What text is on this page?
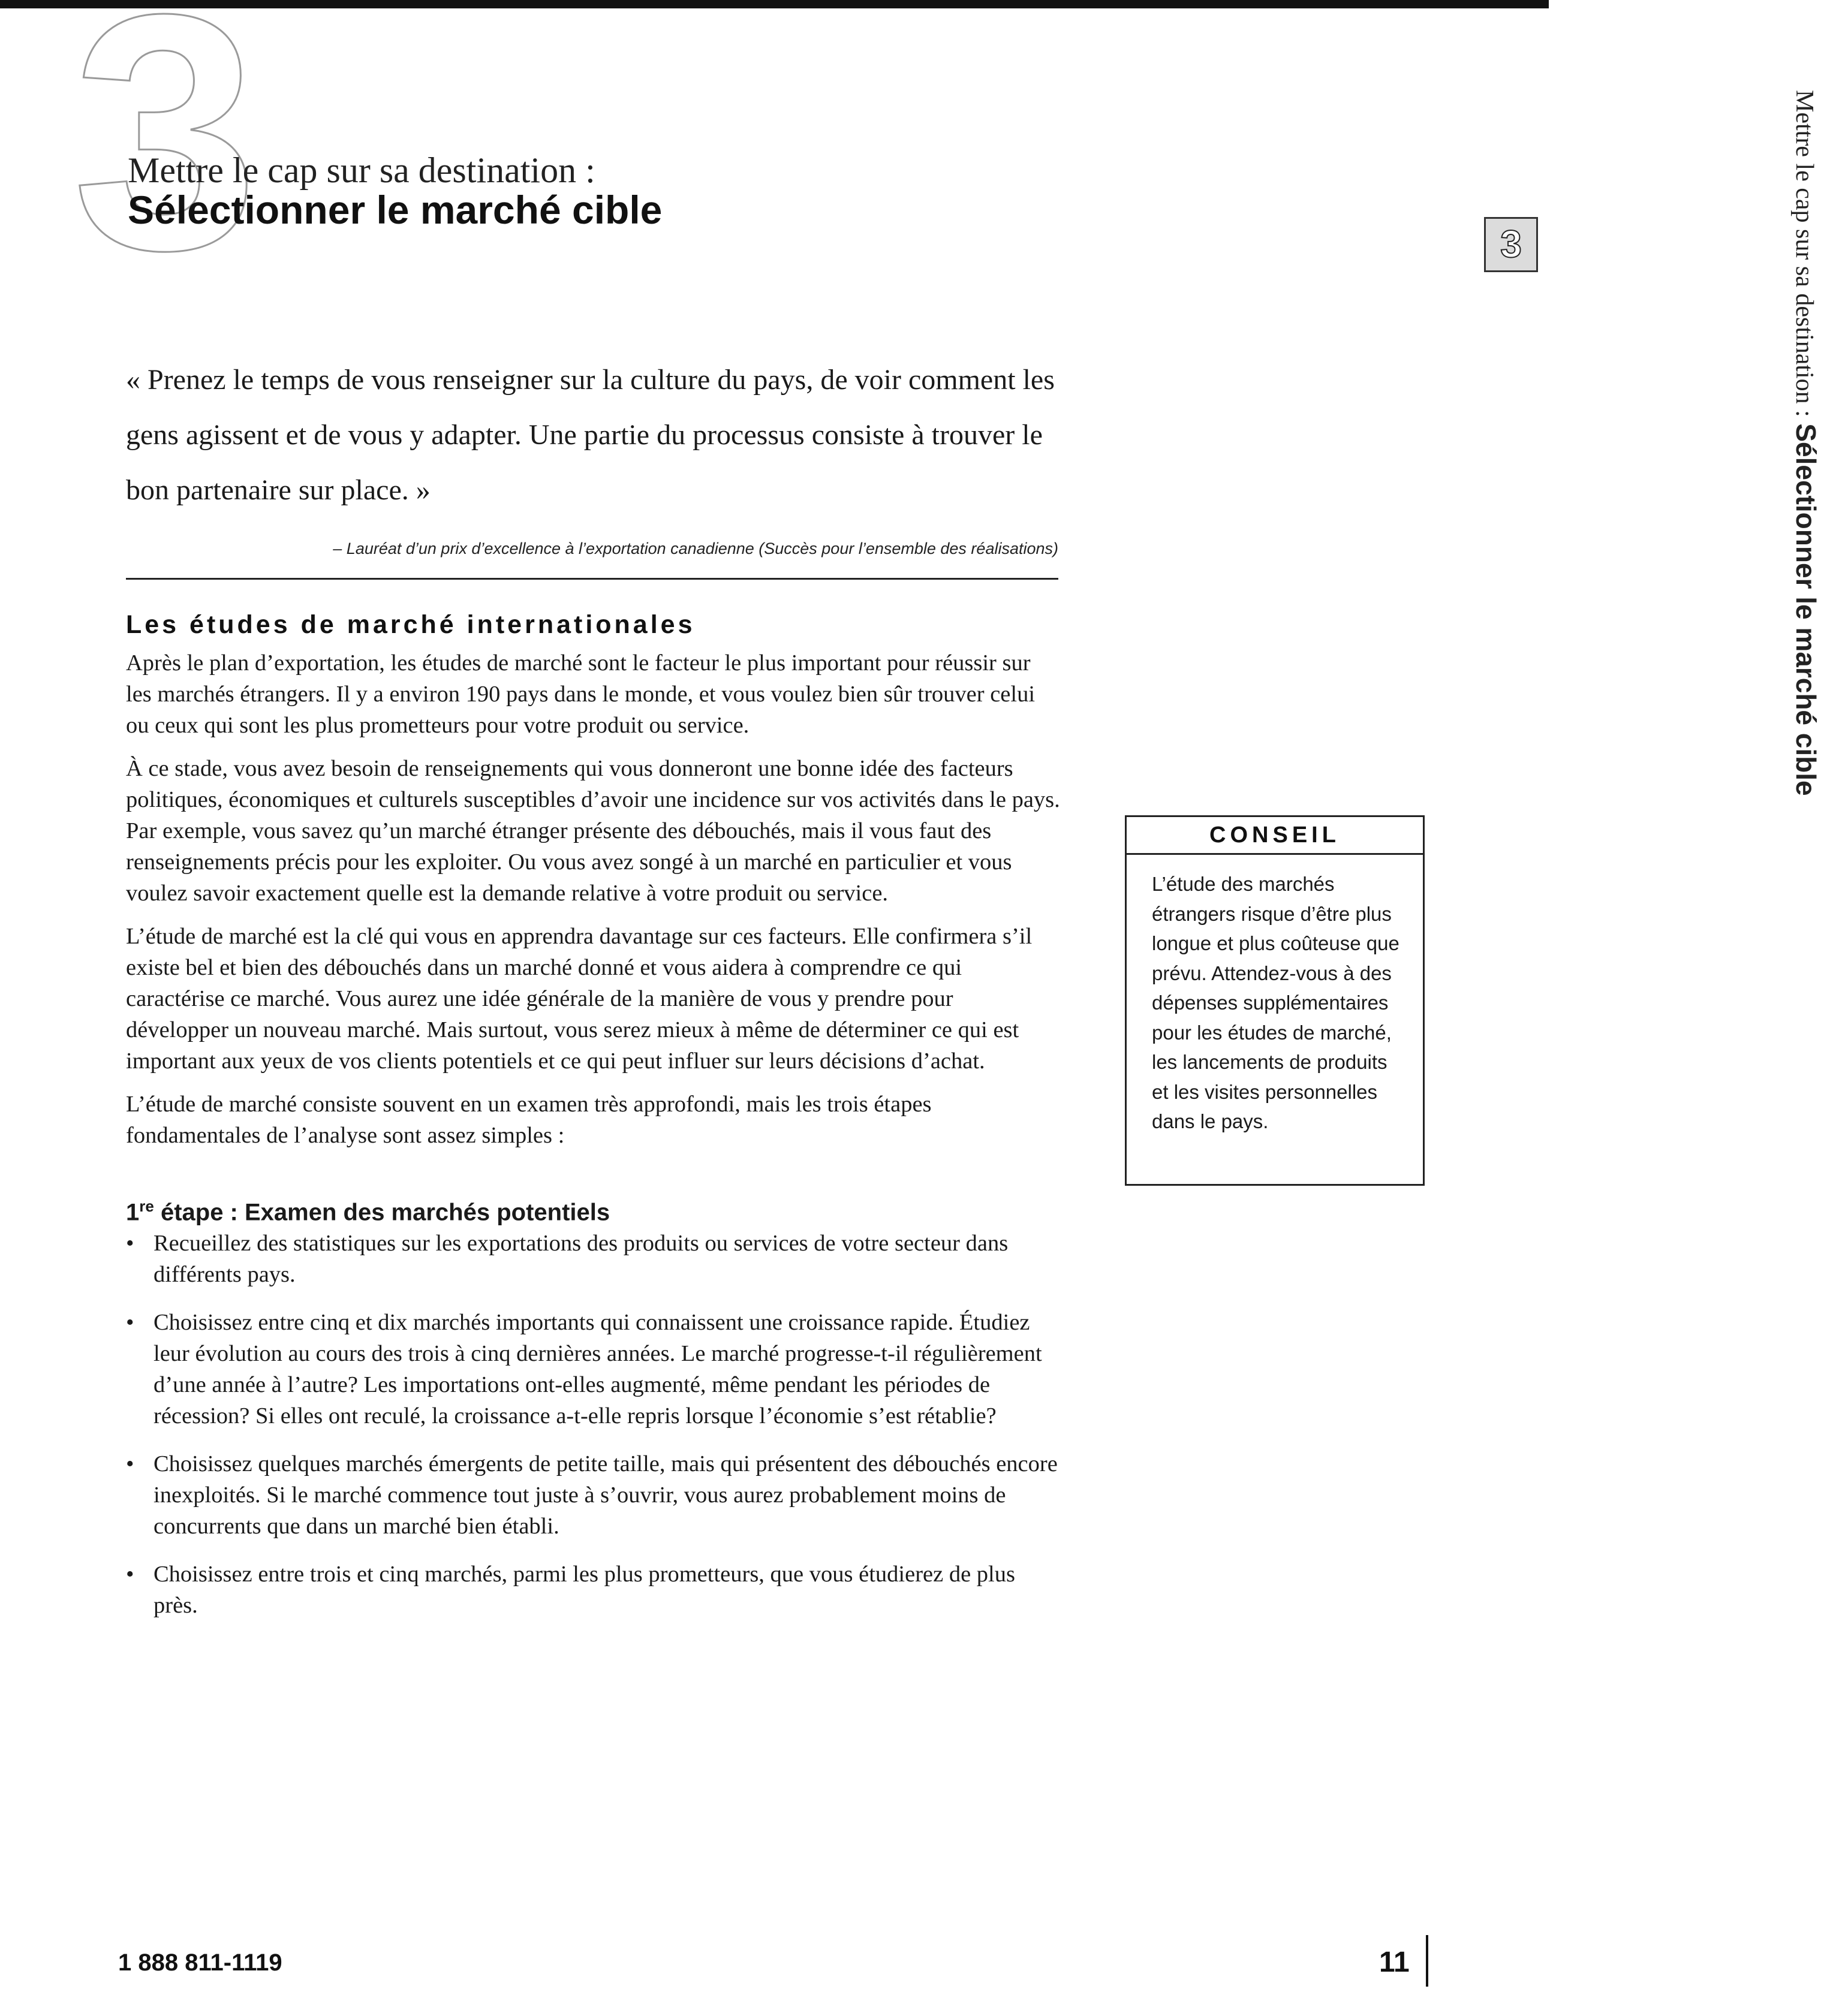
3
Mettre le cap sur sa destination :
Sélectionner le marché cible
« Prenez le temps de vous renseigner sur la culture du pays, de voir comment les gens agissent et de vous y adapter. Une partie du processus consiste à trouver le bon partenaire sur place. »
– Lauréat d’un prix d’excellence à l’exportation canadienne (Succès pour l’ensemble des réalisations)
Les études de marché internationales

Après le plan d’exportation, les études de marché sont le facteur le plus important pour réussir sur les marchés étrangers. Il y a environ 190 pays dans le monde, et vous voulez bien sûr trouver celui ou ceux qui sont les plus prometteurs pour votre produit ou service.

À ce stade, vous avez besoin de renseignements qui vous donneront une bonne idée des facteurs politiques, économiques et culturels susceptibles d’avoir une incidence sur vos activités dans le pays. Par exemple, vous savez qu’un marché étranger présente des débouchés, mais il vous faut des renseignements précis pour les exploiter. Ou vous avez songé à un marché en particulier et vous voulez savoir exactement quelle est la demande relative à votre produit ou service.

L’étude de marché est la clé qui vous en apprendra davantage sur ces facteurs. Elle confirmera s’il existe bel et bien des débouchés dans un marché donné et vous aidera à comprendre ce qui caractérise ce marché. Vous aurez une idée générale de la manière de vous y prendre pour développer un nouveau marché. Mais surtout, vous serez mieux à même de déterminer ce qui est important aux yeux de vos clients potentiels et ce qui peut influer sur leurs décisions d’achat.

L’étude de marché consiste souvent en un examen très approfondi, mais les trois étapes fondamentales de l’analyse sont assez simples :

1re étape : Examen des marchés potentiels
• Recueillez des statistiques sur les exportations des produits ou services de votre secteur dans différents pays.
• Choisissez entre cinq et dix marchés importants qui connaissent une croissance rapide. Étudiez leur évolution au cours des trois à cinq dernières années. Le marché progresse-t-il régulièrement d’une année à l’autre? Les importations ont-elles augmenté, même pendant les périodes de récession? Si elles ont reculé, la croissance a-t-elle repris lorsque l’économie s’est rétablie?
• Choisissez quelques marchés émergents de petite taille, mais qui présentent des débouchés encore inexploités. Si le marché commence tout juste à s’ouvrir, vous aurez probablement moins de concurrents que dans un marché bien établi.
• Choisissez entre trois et cinq marchés, parmi les plus prometteurs, que vous étudierez de plus près.
CONSEIL
L’étude des marchés étrangers risque d’être plus longue et plus coûteuse que prévu. Attendez-vous à des dépenses supplémentaires pour les études de marché, les lancements de produits et les visites personnelles dans le pays.
3	Mettre le cap sur sa destination : Sélectionner le marché cible
1 888 811-1119	11
